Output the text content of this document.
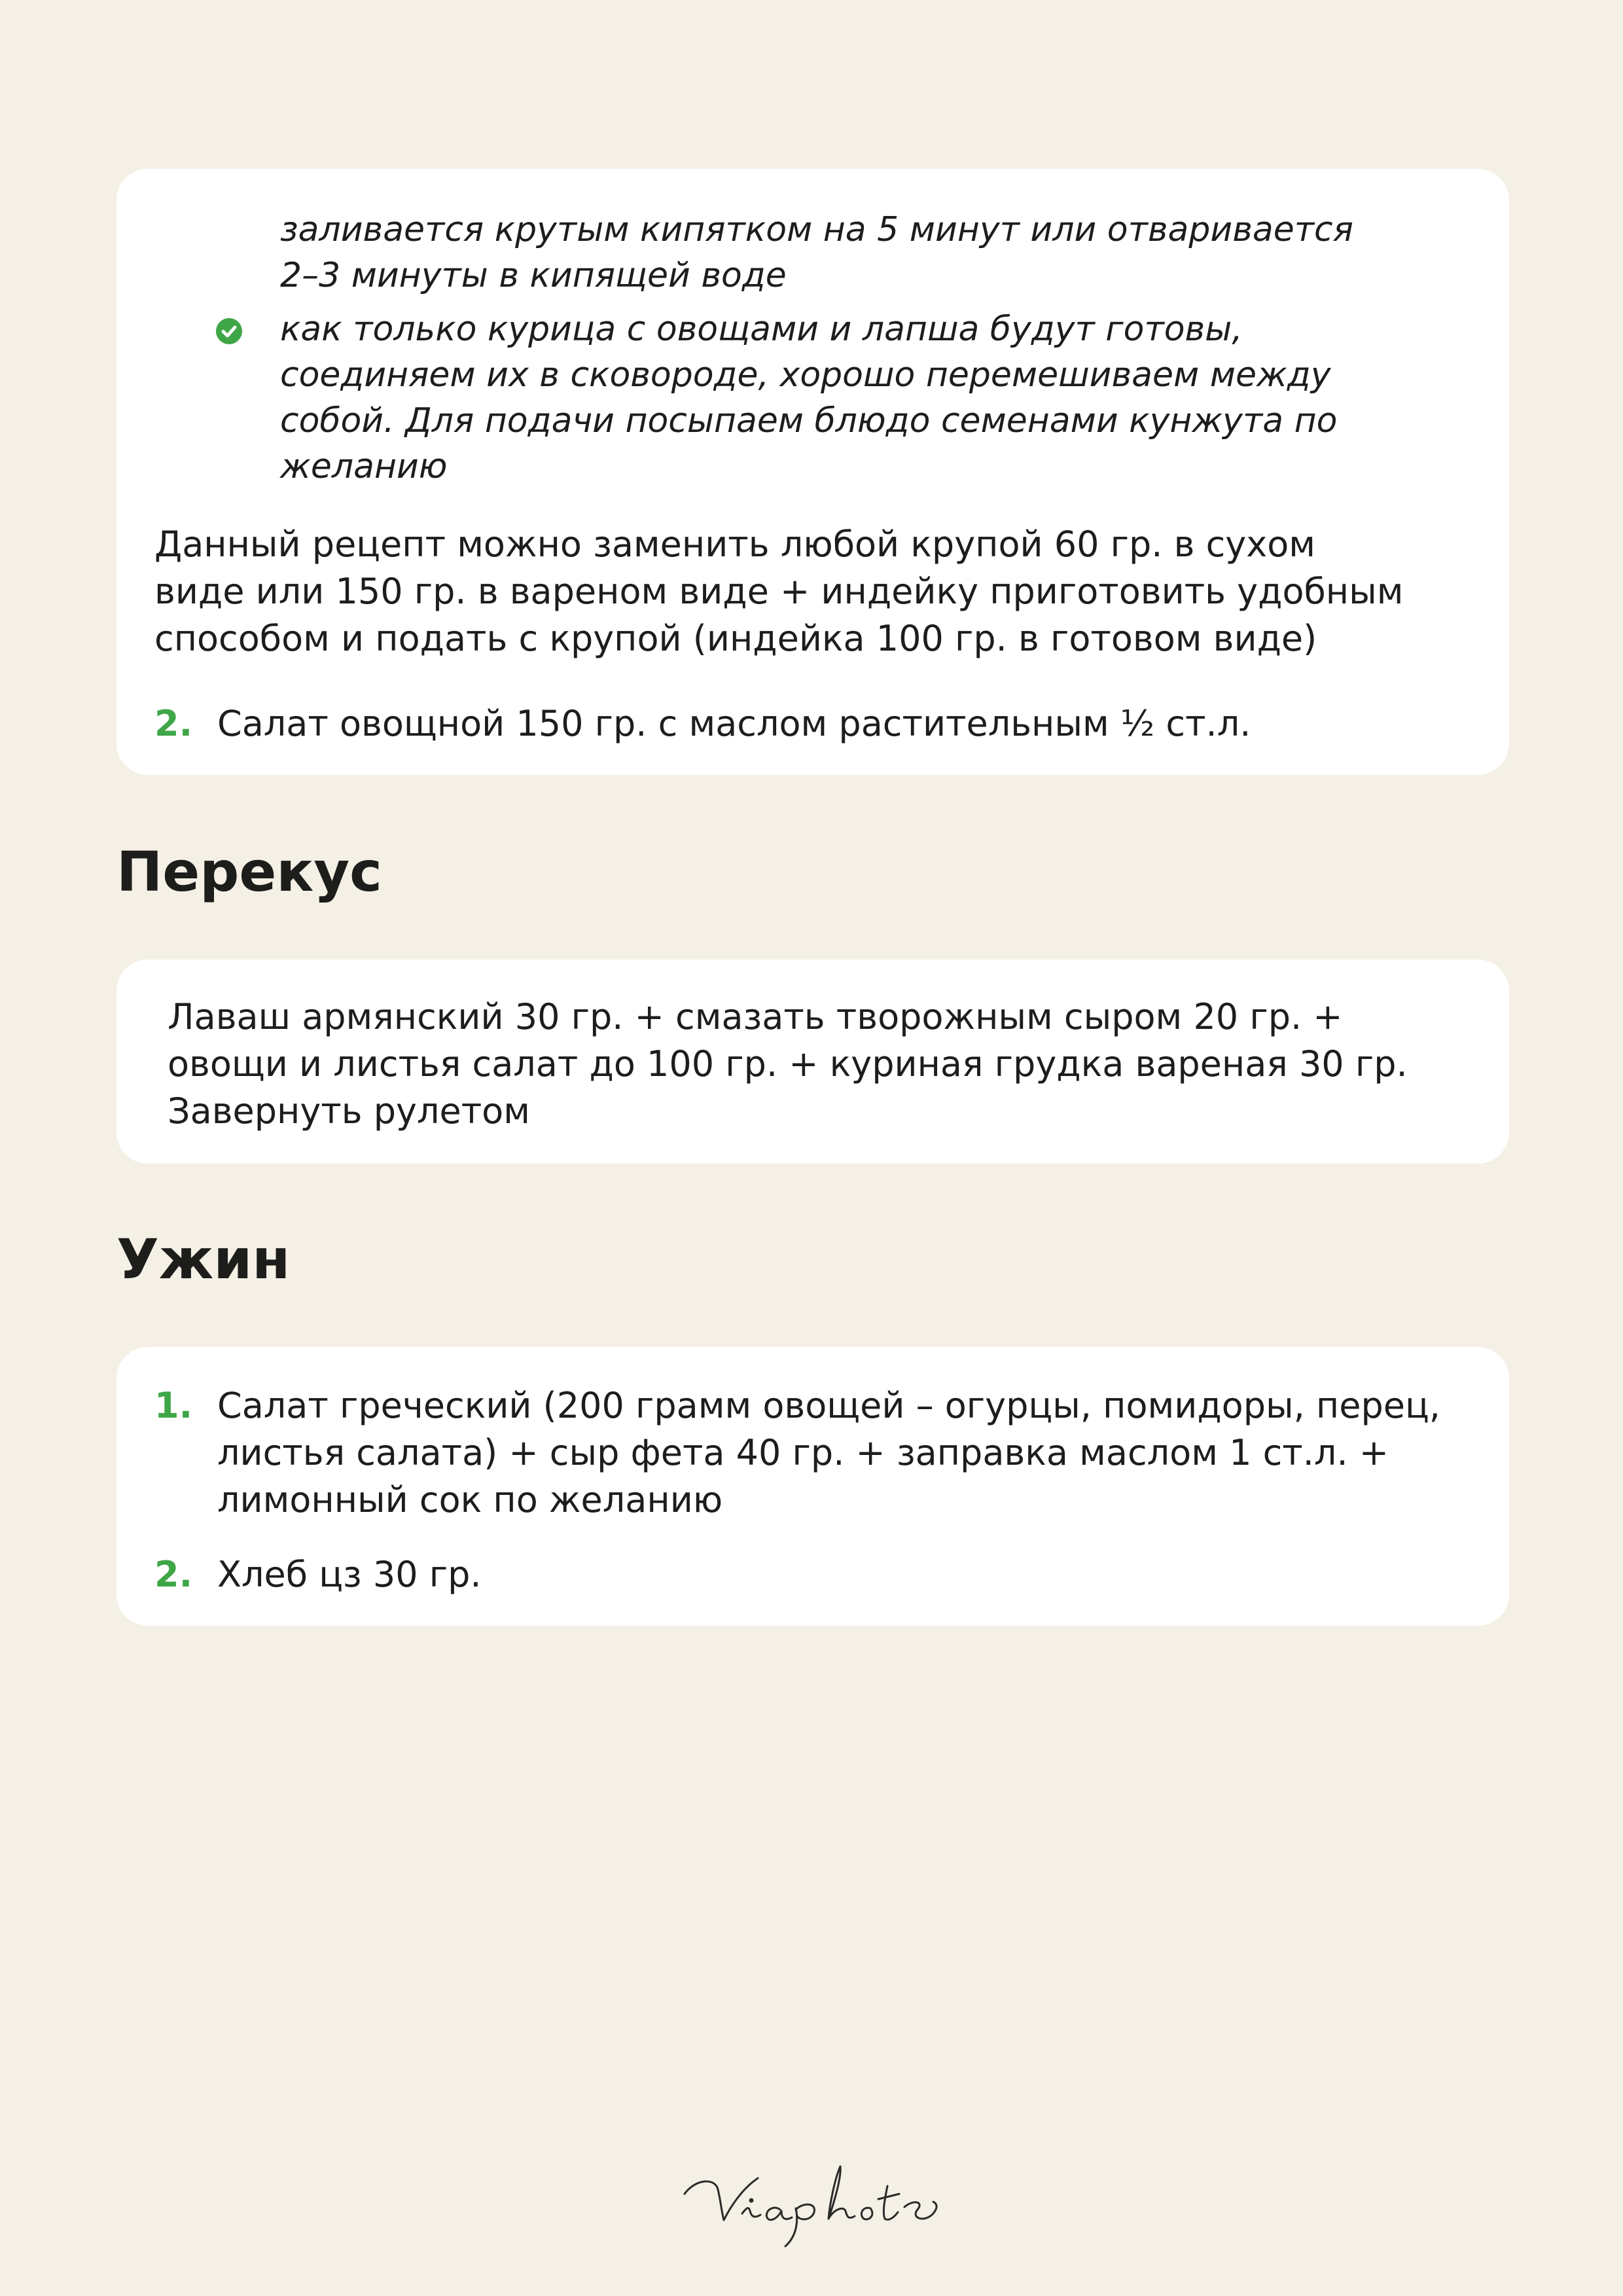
заливается крутым кипятком на 5 минут или отваривается
2–3 минуты в кипящей воде
как только курица с овощами и лапша будут готовы,
соединяем их в сковороде, хорошо перемешиваем между
собой. Для подачи посыпаем блюдо семенами кунжута по
желанию
Данный рецепт можно заменить любой крупой 60 гр. в сухом
виде или 150 гр. в вареном виде + индейку приготовить удобным
способом и подать с крупой (индейка 100 гр. в готовом виде)
2. Салат овощной 150 гр. с маслом растительным ½ ст.л.
Перекус
Лаваш армянский 30 гр. + смазать творожным сыром 20 гр. +
овощи и листья салат до 100 гр. + куриная грудка вареная 30 гр.
Завернуть рулетом
Ужин
1. Салат греческий (200 грамм овощей – огурцы, помидоры, перец,
листья салата) + сыр фета 40 гр. + заправка маслом 1 ст.л. +
лимонный сок по желанию
2. Хлеб цз 30 гр.
